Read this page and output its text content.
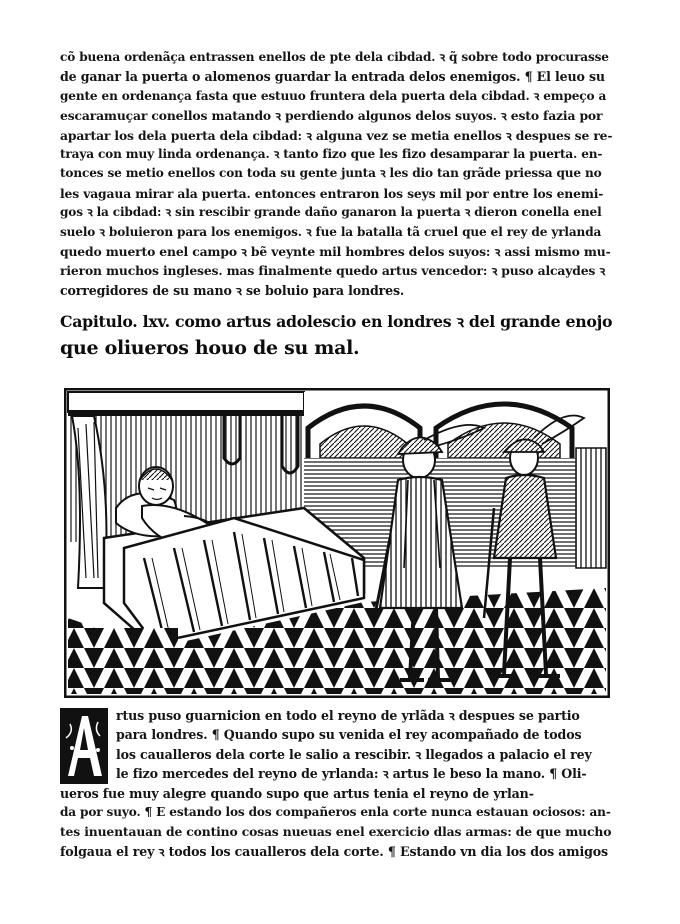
cõ buena ordenãça entrassen enellos de pte dela cibdad. ꝛ q̃ sobre todo procurasse
de ganar la puerta o alomenos guardar la entrada delos enemigos. ¶ El leuo su
gente en ordenança fasta que estuuo fruntera dela puerta dela cibdad. ꝛ empeço a
escaramuçar conellos matando ꝛ perdiendo algunos delos suyos. ꝛ esto fazia por
apartar los dela puerta dela cibdad: ꝛ alguna vez se metia enellos ꝛ despues se re-
traya con muy linda ordenança. ꝛ tanto fizo que les fizo desamparar la puerta. en-
tonces se metio enellos con toda su gente junta ꝛ les dio tan grãde priessa que no
les vagaua mirar ala puerta. entonces entraron los seys mil por entre los enemi-
gos ꝛ la cibdad: ꝛ sin rescibir grande daño ganaron la puerta ꝛ dieron conella enel
suelo ꝛ boluieron para los enemigos. ꝛ fue la batalla tã cruel que el rey de yrlanda
quedo muerto enel campo ꝛ bẽ veynte mil hombres delos suyos: ꝛ assi mismo mu-
rieron muchos ingleses. mas finalmente quedo artus vencedor: ꝛ puso alcaydes ꝛ
corregidores de su mano ꝛ se boluio para londres.
Capitulo. lxv. como artus adolescio en londres ꝛ del grande enojo
que oliueros houo de su mal.
rtus puso guarnicion en todo el reyno de yrlãda ꝛ despues se partio
para londres. ¶ Quando supo su venida el rey acompañado de todos
los caualleros dela corte le salio a rescibir. ꝛ llegados a palacio el rey
le fizo mercedes del reyno de yrlanda: ꝛ artus le beso la mano. ¶ Oli-
ueros fue muy alegre quando supo que artus tenia el reyno de yrlan-
da por suyo. ¶ E estando los dos compañeros enla corte nunca estauan ociosos: an-
tes inuentauan de contino cosas nueuas enel exercicio dlas armas: de que mucho
folgaua el rey ꝛ todos los caualleros dela corte. ¶ Estando vn dia los dos amigos
